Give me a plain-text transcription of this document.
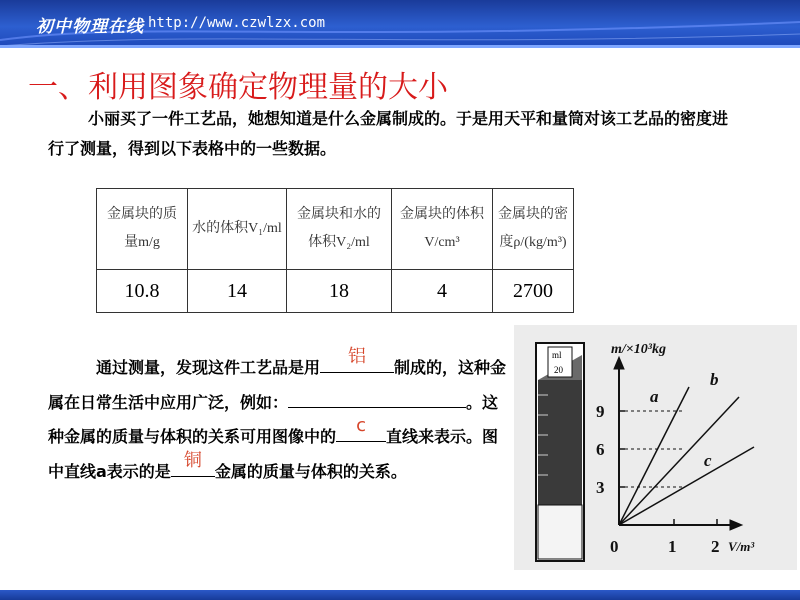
初中物理在线 http://www.czwlzx.com
一、利用图象确定物理量的大小

小丽买了一件工艺品，她想知道是什么金属制成的。于是用天平和量筒对该工艺品的密度进行了测量，得到以下表格中的一些数据。

金属块的质量m/g	水的体积V₁/ml	金属块和水的体积V₂/ml	金属块的体积V/cm³	金属块的密度ρ/(kg/m³)
10.8	14	18	4	2700

通过测量，发现这件工艺品是用
铝
制成的，这种金属在日常生活中应用广泛，例如：	。这种金属的质量与体积的关系可用图像中的
c
直线来表示。图中直线a表示的是
铜
金属的质量与体积的关系。

ml
20
m/×10³kg
V/m³
a
b
c
3
6
9
0	1 2
